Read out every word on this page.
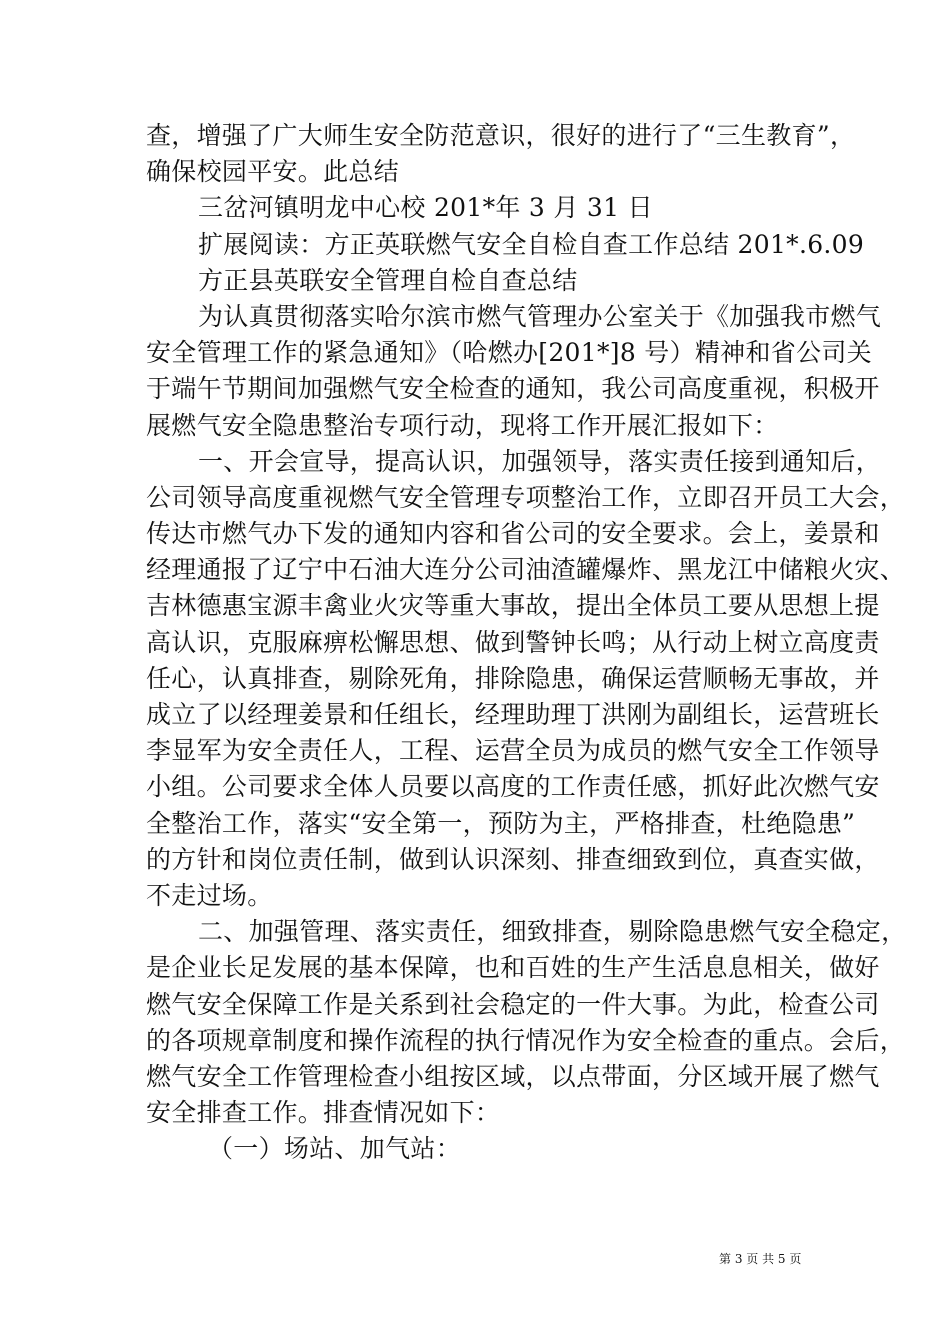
查，增强了广大师生安全防范意识，很好的进行了“三生教育”，
确保校园平安。此总结
三岔河镇明龙中心校 201*年 3 月 31 日
扩展阅读：方正英联燃气安全自检自查工作总结 201*.6.09
方正县英联安全管理自检自查总结
为认真贯彻落实哈尔滨市燃气管理办公室关于《加强我市燃气
安全管理工作的紧急通知》（哈燃办[201*]8 号）精神和省公司关
于端午节期间加强燃气安全检查的通知，我公司高度重视，积极开
展燃气安全隐患整治专项行动，现将工作开展汇报如下：
一、开会宣导，提高认识，加强领导，落实责任接到通知后，
公司领导高度重视燃气安全管理专项整治工作，立即召开员工大会，
传达市燃气办下发的通知内容和省公司的安全要求。会上，姜景和
经理通报了辽宁中石油大连分公司油渣罐爆炸、黑龙江中储粮火灾、
吉林德惠宝源丰禽业火灾等重大事故，提出全体员工要从思想上提
高认识，克服麻痹松懈思想、做到警钟长鸣；从行动上树立高度责
任心，认真排查，剔除死角，排除隐患，确保运营顺畅无事故，并
成立了以经理姜景和任组长，经理助理丁洪刚为副组长，运营班长
李显军为安全责任人，工程、运营全员为成员的燃气安全工作领导
小组。公司要求全体人员要以高度的工作责任感，抓好此次燃气安
全整治工作，落实“安全第一，预防为主，严格排查，杜绝隐患”
的方针和岗位责任制，做到认识深刻、排查细致到位，真查实做，
不走过场。
二、加强管理、落实责任，细致排查，剔除隐患燃气安全稳定，
是企业长足发展的基本保障，也和百姓的生产生活息息相关，做好
燃气安全保障工作是关系到社会稳定的一件大事。为此，检查公司
的各项规章制度和操作流程的执行情况作为安全检查的重点。会后，
燃气安全工作管理检查小组按区域，以点带面，分区域开展了燃气
安全排查工作。排查情况如下：
（一）场站、加气站：
第 3 页 共 5 页
